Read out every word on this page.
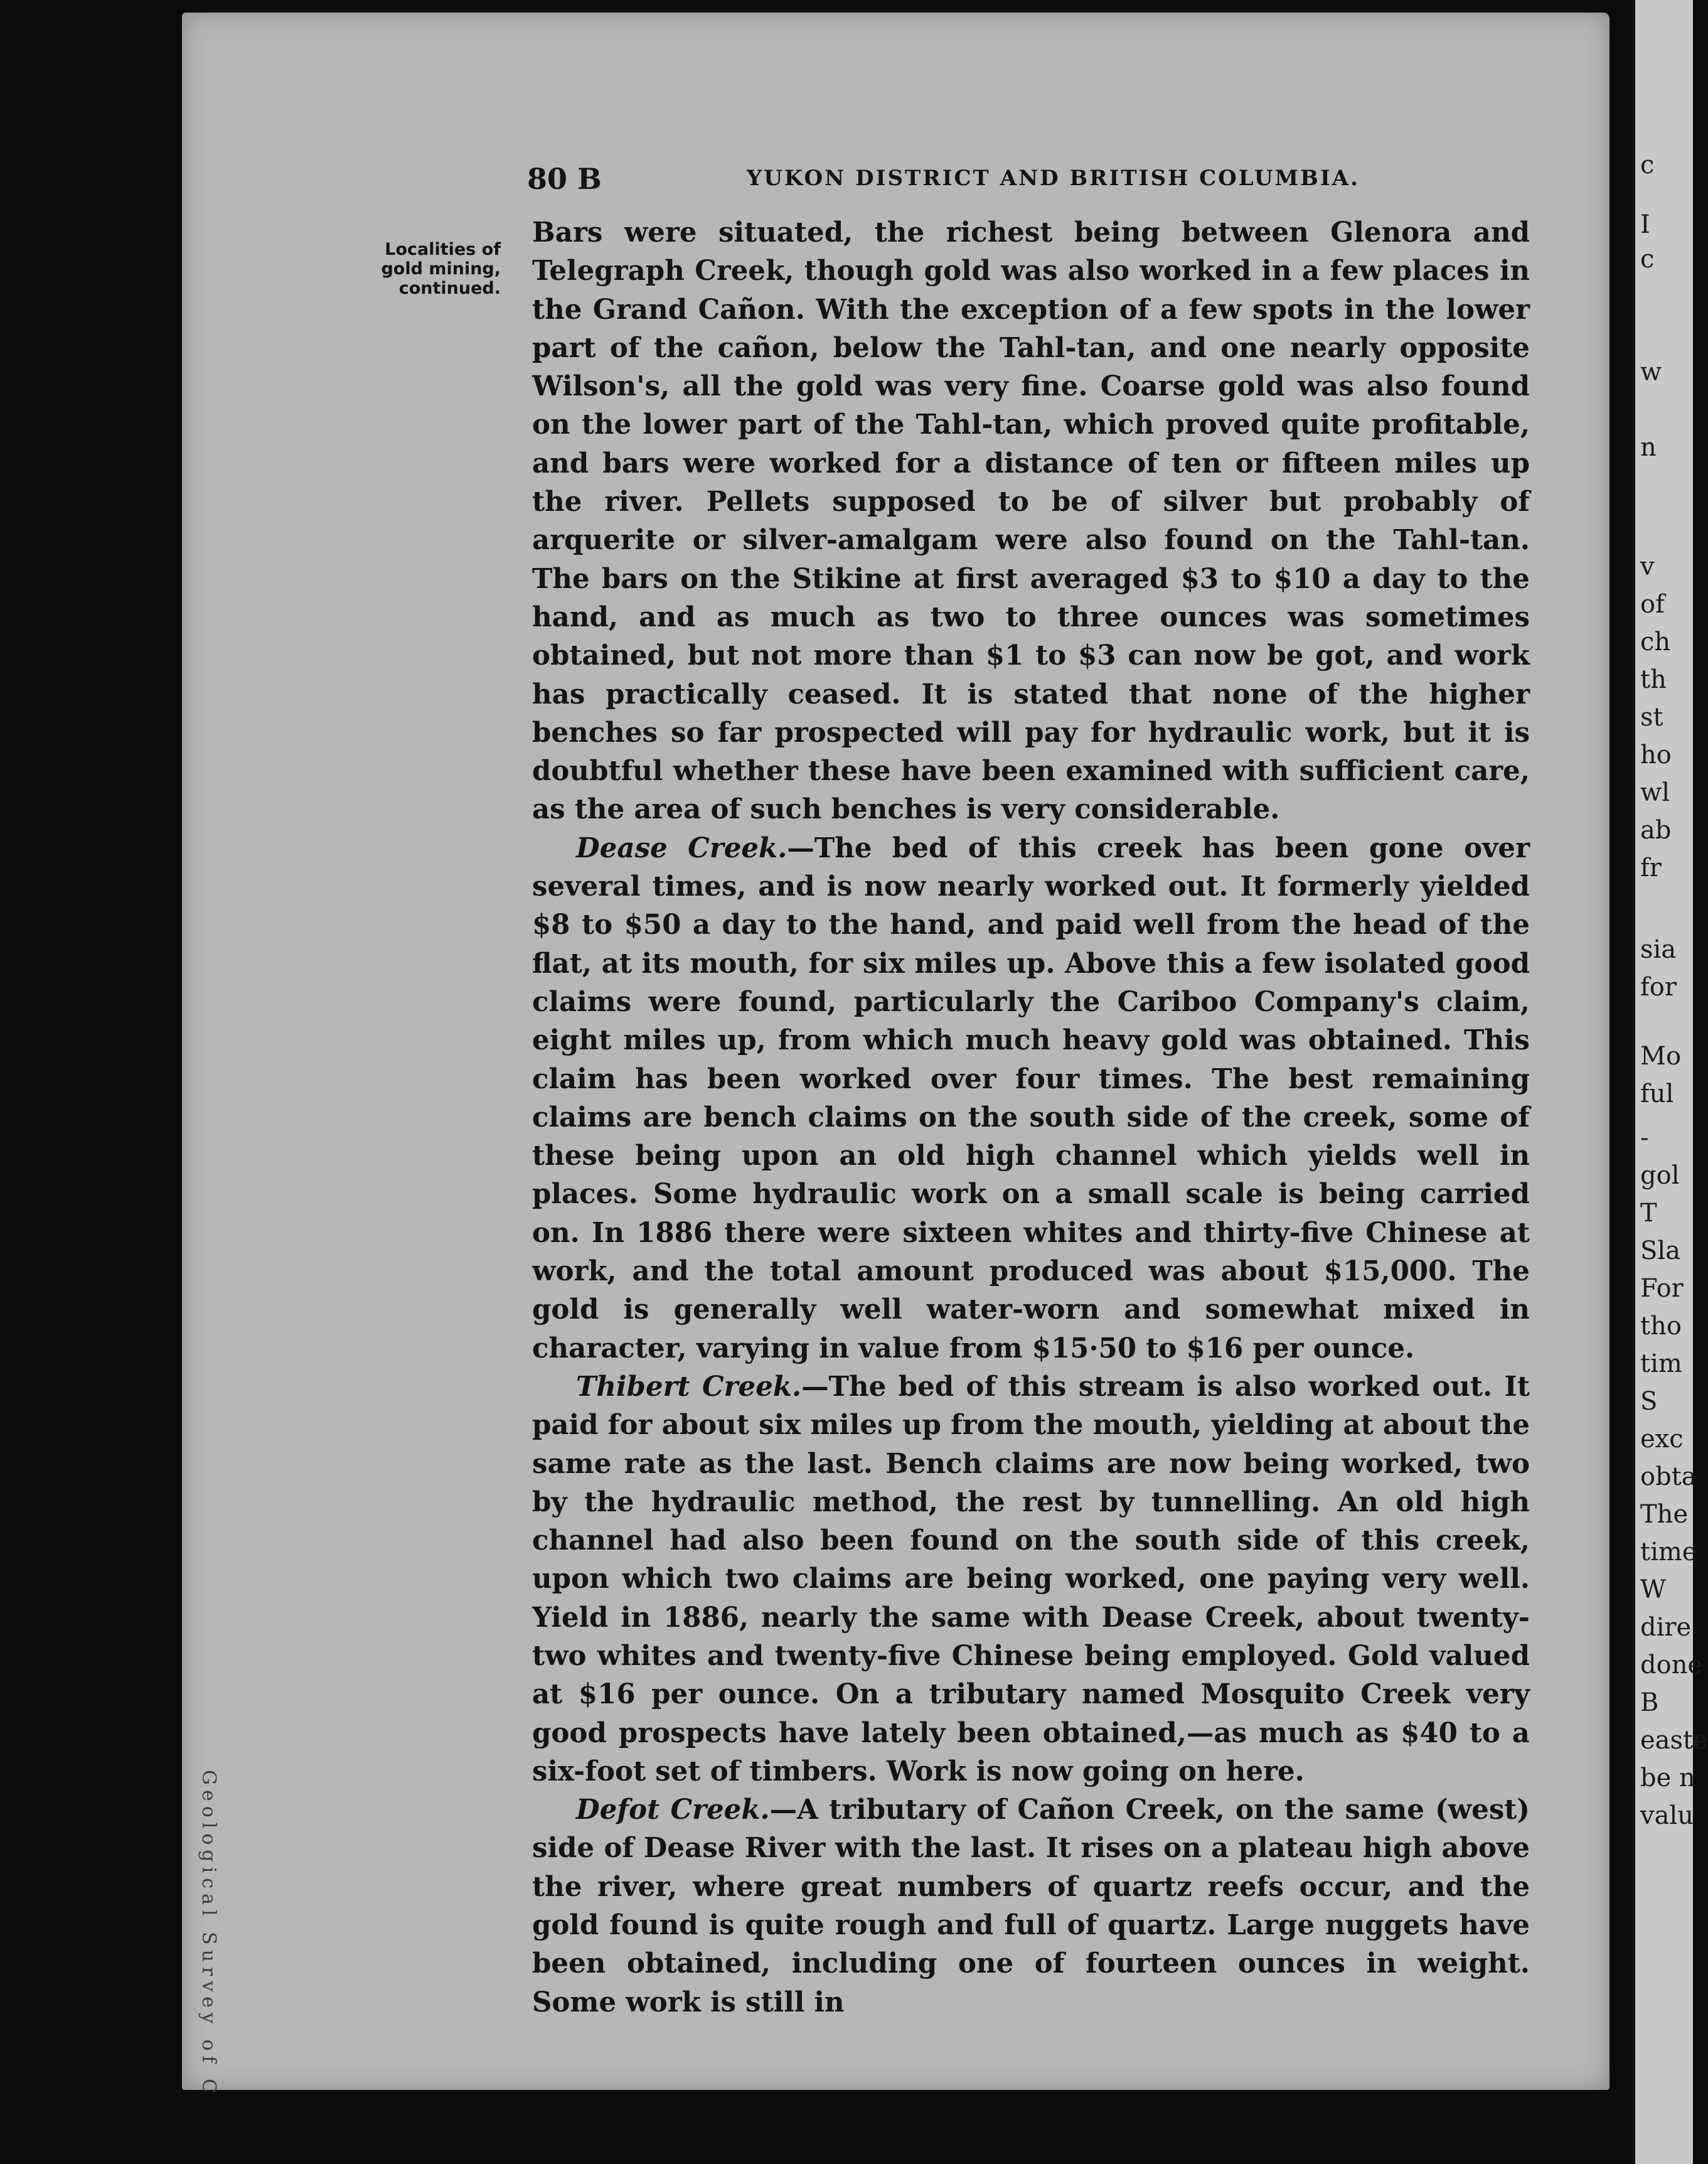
Geological Survey of C
80 B	YUKON DISTRICT AND BRITISH COLUMBIA.
Localities of
gold mining,
continued.

Bars were situated, the richest being between Glenora and Telegraph Creek, though gold was also worked in a few places in the Grand Cañon. With the exception of a few spots in the lower part of the cañon, below the Tahl-tan, and one nearly opposite Wilson's, all the gold was very fine. Coarse gold was also found on the lower part of the Tahl-tan, which proved quite profitable, and bars were worked for a distance of ten or fifteen miles up the river. Pellets supposed to be of silver but probably of arquerite or silver-amalgam were also found on the Tahl-tan. The bars on the Stikine at first averaged $3 to $10 a day to the hand, and as much as two to three ounces was sometimes obtained, but not more than $1 to $3 can now be got, and work has practically ceased. It is stated that none of the higher benches so far prospected will pay for hydraulic work, but it is doubtful whether these have been examined with sufficient care, as the area of such benches is very considerable.

Dease Creek.—The bed of this creek has been gone over several times, and is now nearly worked out. It formerly yielded $8 to $50 a day to the hand, and paid well from the head of the flat, at its mouth, for six miles up. Above this a few isolated good claims were found, particularly the Cariboo Company's claim, eight miles up, from which much heavy gold was obtained. This claim has been worked over four times. The best remaining claims are bench claims on the south side of the creek, some of these being upon an old high channel which yields well in places. Some hydraulic work on a small scale is being carried on. In 1886 there were sixteen whites and thirty-five Chinese at work, and the total amount produced was about $15,000. The gold is generally well water-worn and somewhat mixed in character, varying in value from $15·50 to $16 per ounce.

Thibert Creek.—The bed of this stream is also worked out. It paid for about six miles up from the mouth, yielding at about the same rate as the last. Bench claims are now being worked, two by the hydraulic method, the rest by tunnelling. An old high channel had also been found on the south side of this creek, upon which two claims are being worked, one paying very well. Yield in 1886, nearly the same with Dease Creek, about twenty-two whites and twenty-five Chinese being employed. Gold valued at $16 per ounce. On a tributary named Mosquito Creek very good prospects have lately been obtained,—as much as $40 to a six-foot set of timbers. Work is now going on here.

Defot Creek.—A tributary of Cañon Creek, on the same (west) side of Dease River with the last. It rises on a plateau high above the river, where great numbers of quartz reefs occur, and the gold found is quite rough and full of quartz. Large nuggets have been obtained, including one of fourteen ounces in weight. Some work is still in

c
I
c
w
n
v
of
ch
th
st
ho
wl
ab
fr
sia
for
Mo
ful
-
gol
T
Sla
For
tho
tim
S
exc
obta
The
time
W
dire
done
B
easte
be n
valu
